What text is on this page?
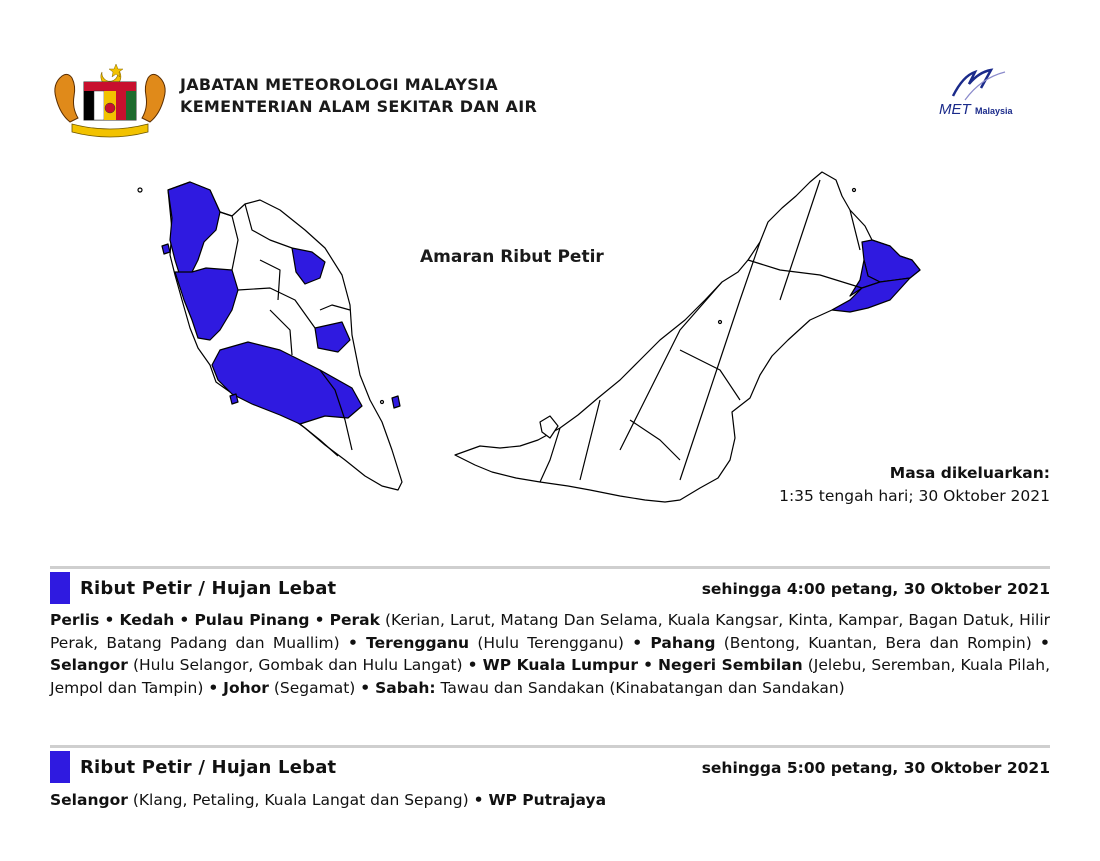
JABATAN METEOROLOGI MALAYSIA
KEMENTERIAN ALAM SEKITAR DAN AIR	MET Malaysia
Amaran Ribut Petir
Masa dikeluarkan:
1:35 tengah hari; 30 Oktober 2021
Ribut Petir / Hujan Lebat	sehingga 4:00 petang, 30 Oktober 2021
Perlis • Kedah • Pulau Pinang • Perak (Kerian, Larut, Matang Dan Selama, Kuala Kangsar, Kinta, Kampar, Bagan Datuk, Hilir Perak, Batang Padang dan Muallim) • Terengganu (Hulu Terengganu) • Pahang (Bentong, Kuantan, Bera dan Rompin) • Selangor (Hulu Selangor, Gombak dan Hulu Langat) • WP Kuala Lumpur • Negeri Sembilan (Jelebu, Seremban, Kuala Pilah, Jempol dan Tampin) • Johor (Segamat) • Sabah: Tawau dan Sandakan (Kinabatangan dan Sandakan)
Ribut Petir / Hujan Lebat	sehingga 5:00 petang, 30 Oktober 2021
Selangor (Klang, Petaling, Kuala Langat dan Sepang) • WP Putrajaya
